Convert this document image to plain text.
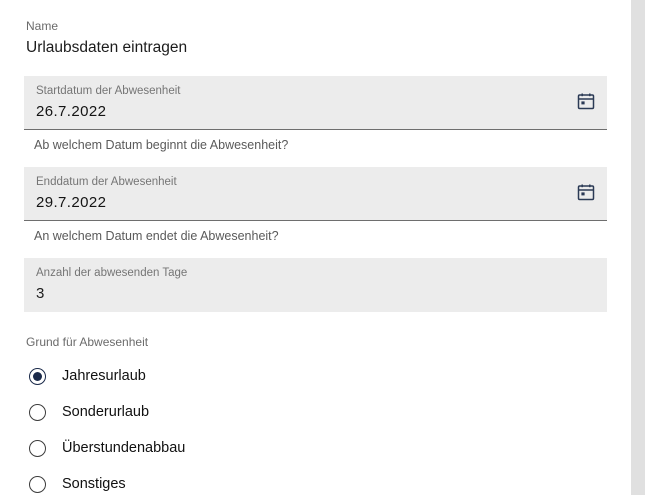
Name
Urlaubsdaten eintragen
Startdatum der Abwesenheit
26.7.2022
Ab welchem Datum beginnt die Abwesenheit?
Enddatum der Abwesenheit
29.7.2022
An welchem Datum endet die Abwesenheit?
Anzahl der abwesenden Tage
3
Grund für Abwesenheit
Jahresurlaub
Sonderurlaub
Überstundenabbau
Sonstiges
